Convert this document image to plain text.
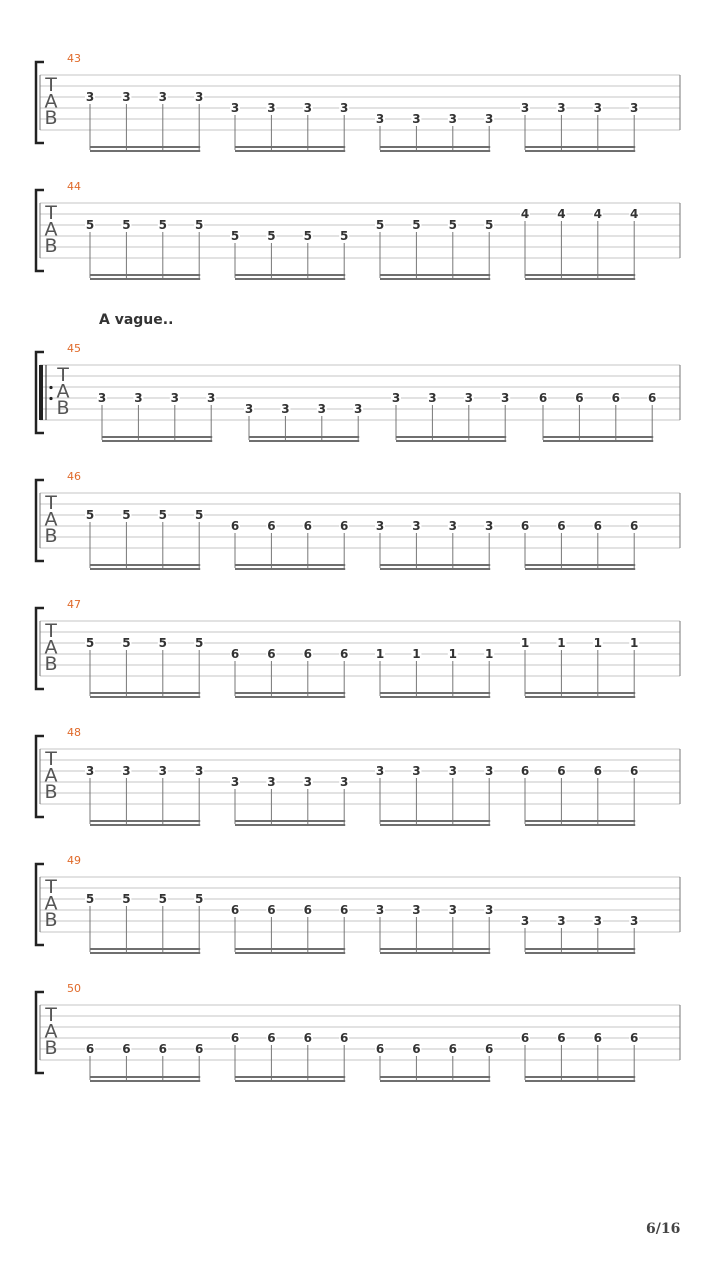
T
A
B
43
3 3 3 3
3 3 3 3
3 3 3 3
3 3 3 3
T
A
B
44
5 5 5 5
5 5 5 5
5 5 5 5
4 4 4 4
T
A
B
45
A vague..
3 3 3 3
3 3 3 3
3 3 3 3 6 6 6 6
T
A
B
46
5 5 5 5
6 6 6 6 3 3 3 3 6 6 6 6
T
A
B
47
5 5 5 5
6 6 6 6 1 1 1 1
1 1 1 1
T
A
B
48
3 3 3 3
3 3 3 3
3 3 3 3 6 6 6 6
T
A
B
49
5 5 5 5
6 6 6 6 3 3 3 3
3 3 3 3
T
A
B
50
6 6 6 6
6 6 6 6
6 6 6 6
6 6 6 6
6/16
